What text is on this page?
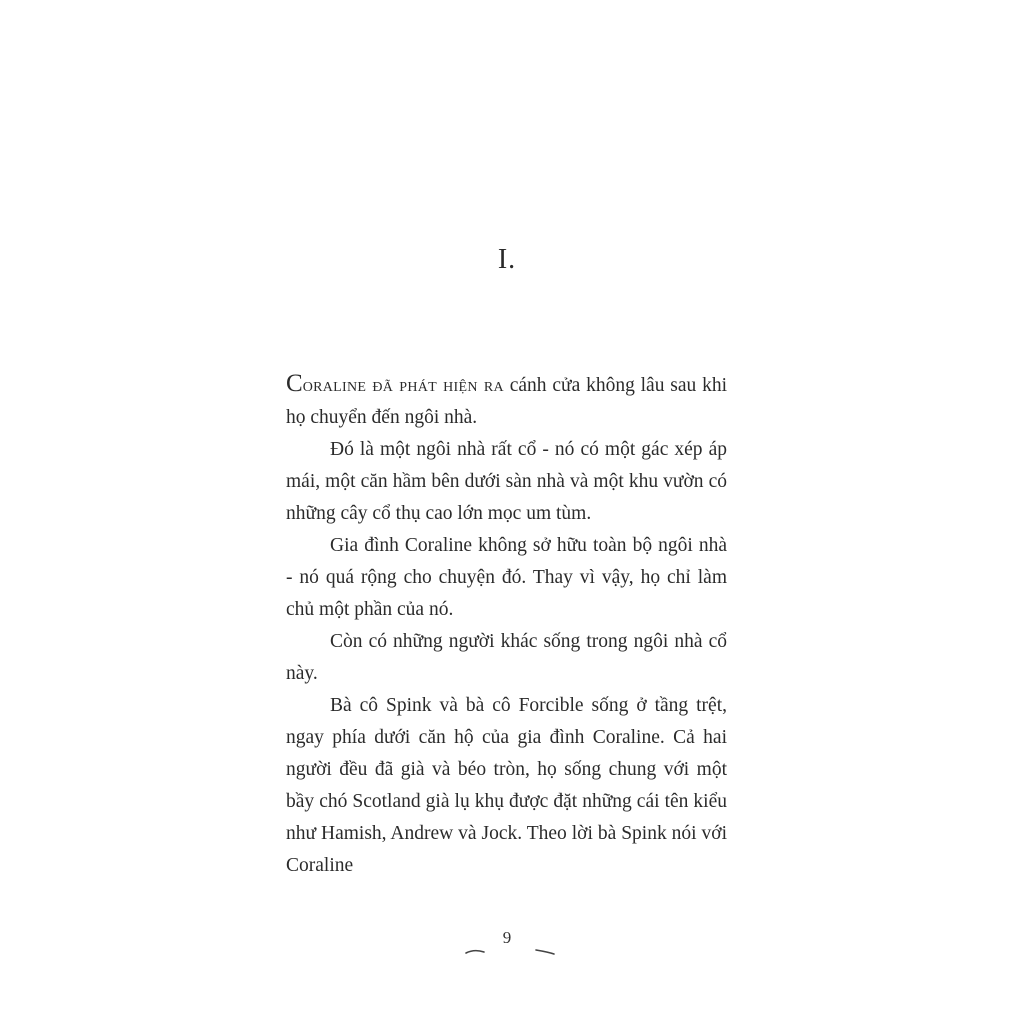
I.

Coraline đã phát hiện ra cánh cửa không lâu sau khi họ chuyển đến ngôi nhà.

Đó là một ngôi nhà rất cổ - nó có một gác xép áp mái, một căn hầm bên dưới sàn nhà và một khu vườn có những cây cổ thụ cao lớn mọc um tùm.

Gia đình Coraline không sở hữu toàn bộ ngôi nhà - nó quá rộng cho chuyện đó. Thay vì vậy, họ chỉ làm chủ một phần của nó.

Còn có những người khác sống trong ngôi nhà cổ này.

Bà cô Spink và bà cô Forcible sống ở tầng trệt, ngay phía dưới căn hộ của gia đình Coraline. Cả hai người đều đã già và béo tròn, họ sống chung với một bầy chó Scotland già lụ khụ được đặt những cái tên kiểu như Hamish, Andrew và Jock. Theo lời bà Spink nói với Coraline

9
